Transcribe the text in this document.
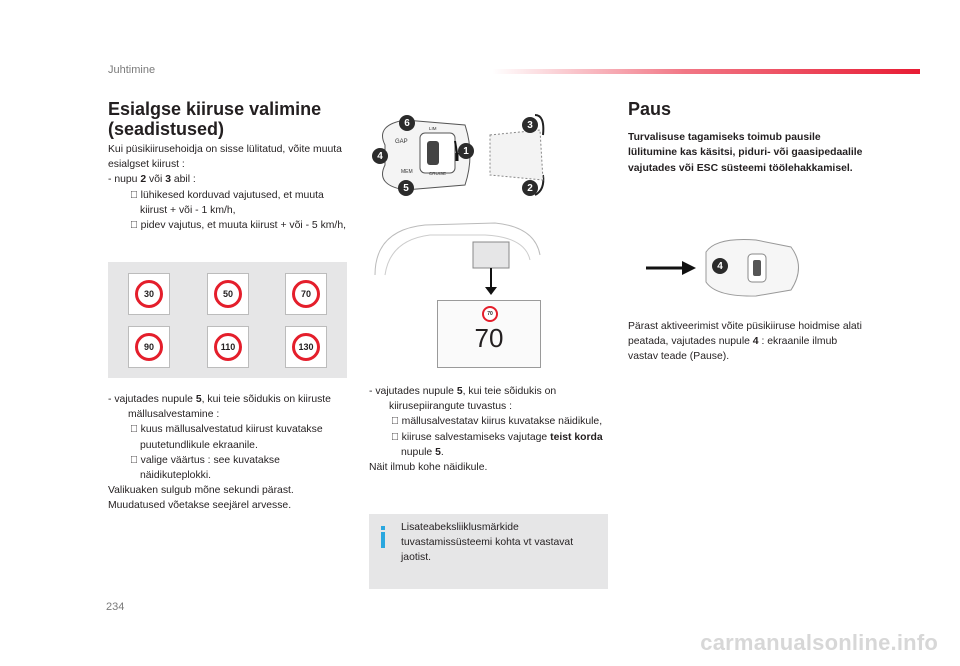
Juhtimine
Esialgse kiiruse valimine (seadistused)
Kui püsikiirusehoidja on sisse lülitatud, võite muuta esialgset kiirust :
- nupu 2 või 3 abil :
lühikesed korduvad vajutused, et muuta kiirust + või - 1 km/h,
pidev vajutus, et muuta kiirust + või - 5 km/h,
30	50	70
90	110	130
- vajutades nupule 5, kui teie sõidukis on kiiruste mällusalvestamine :
kuus mällusalvestatud kiirust kuvatakse puutetundlikule ekraanile.
valige väärtus : see kuvatakse näidikuteplokki.
Valikuaken sulgub mõne sekundi pärast. Muudatused võetakse seejärel arvesse.
GAP
MEM	CRUISE
LIM
6
4
5
3
2
1
70
70
- vajutades nupule 5, kui teie sõidukis on kiirusepiirangute tuvastus :
mällusalvestatav kiirus kuvatakse näidikule,
kiiruse salvestamiseks vajutage teist korda nupule 5.
Näit ilmub kohe näidikule.
Lisateabeksliiklusmärkide tuvastamissüsteemi kohta vt vastavat jaotist.
Paus
Turvalisuse tagamiseks toimub pausile lülitumine kas käsitsi, piduri- või gaasipedaalile vajutades või ESC süsteemi töölehakkamisel.
4
Pärast aktiveerimist võite püsikiiruse hoidmise alati peatada, vajutades nupule 4 : ekraanile ilmub vastav teade (Pause).
234
carmanualsonline.info
